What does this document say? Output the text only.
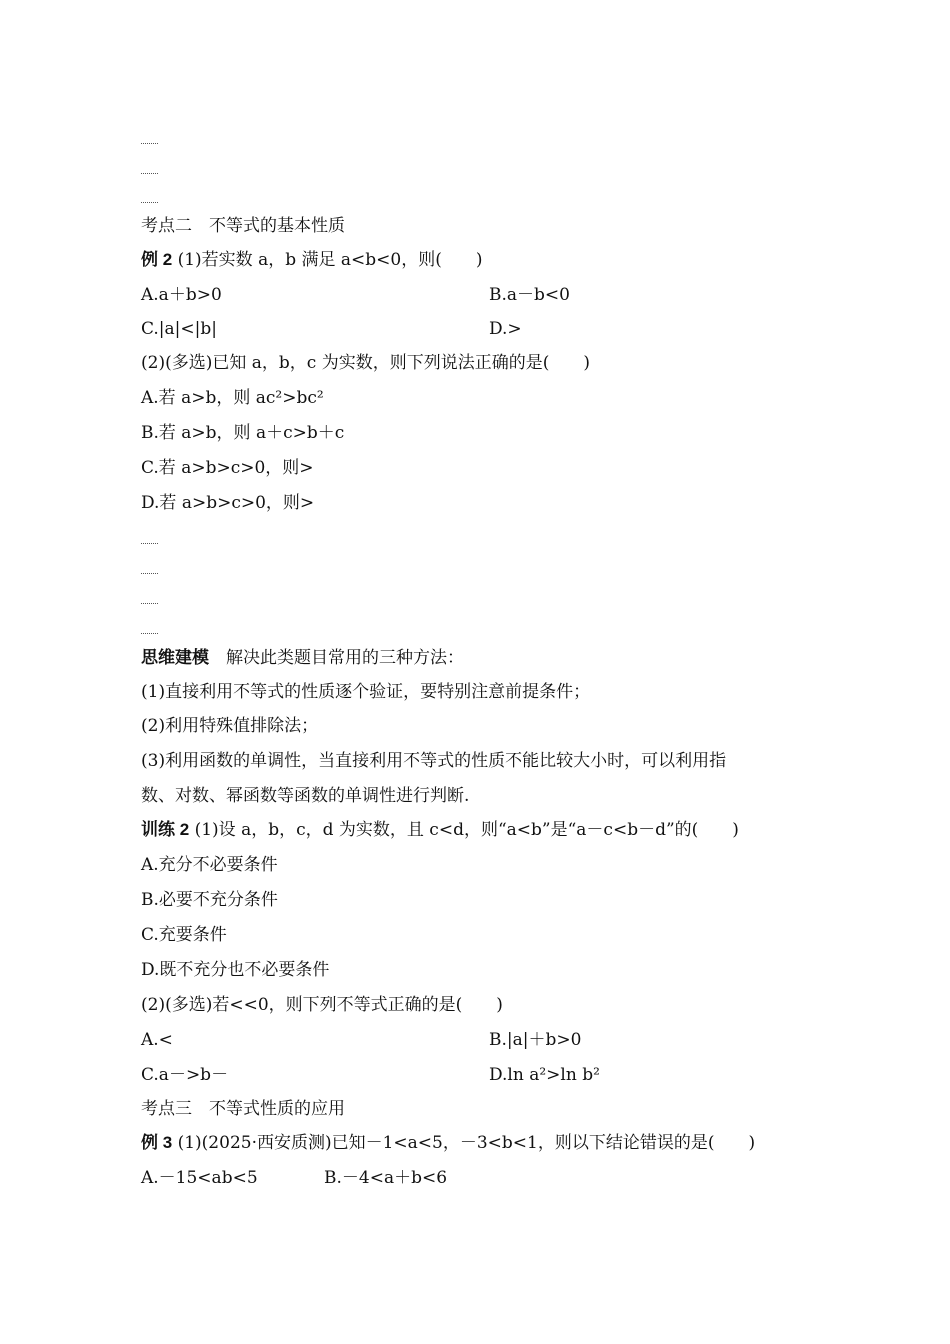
考点二　不等式的基本性质
例 2 (1)若实数 a，b 满足 a<b<0，则(　　)
A.a＋b>0	B.a－b<0
C.|a|<|b|	D.>
(2)(多选)已知 a，b，c 为实数，则下列说法正确的是(　　)
A.若 a>b，则 ac²>bc²
B.若 a>b，则 a＋c>b＋c
C.若 a>b>c>0，则>
D.若 a>b>c>0，则>
思维建模　 解决此类题目常用的三种方法：
(1)直接利用不等式的性质逐个验证，要特别注意前提条件；
(2)利用特殊值排除法；
(3)利用函数的单调性，当直接利用不等式的性质不能比较大小时，可以利用指
数、对数、幂函数等函数的单调性进行判断.
训练 2 (1)设 a，b，c，d 为实数，且 c<d，则“a<b”是“a－c<b－d”的(　　)
A.充分不必要条件
B.必要不充分条件
C.充要条件
D.既不充分也不必要条件
(2)(多选)若<<0，则下列不等式正确的是(　　)
A.<	B.|a|＋b>0
C.a－>b－	D.ln a²>ln b²
考点三　不等式性质的应用
例 3 (1)(2025·西安质测)已知－1<a<5，－3<b<1，则以下结论错误的是(　　)
A.－15<ab<5	B.－4<a＋b<6
